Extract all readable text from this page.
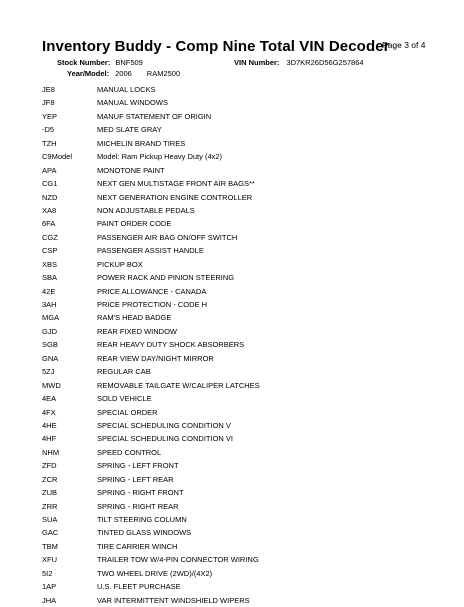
Inventory Buddy - Comp Nine Total VIN Decoder
Page 3 of 4
Stock Number: BNF509	VIN Number: 3D7KR26D56G257864
Year/Model: 2006 RAM2500
JE8	MANUAL LOCKS
JF8	MANUAL WINDOWS
YEP	MANUF STATEMENT OF ORIGIN
-D5	MED SLATE GRAY
TZH	MICHELIN BRAND TIRES
C9Model	Model: Ram Pickup Heavy Duty (4x2)
APA	MONOTONE PAINT
CG1	NEXT GEN MULTISTAGE FRONT AIR BAGS**
NZD	NEXT GENERATION ENGINE CONTROLLER
XA8	NON ADJUSTABLE PEDALS
6FA	PAINT ORDER CODE
CGZ	PASSENGER AIR BAG ON/OFF SWITCH
CSP	PASSENGER ASSIST HANDLE
XBS	PICKUP BOX
SBA	POWER RACK AND PINION STEERING
42E	PRICE ALLOWANCE - CANADA
3AH	PRICE PROTECTION - CODE H
MGA	RAM'S HEAD BADGE
GJD	REAR FIXED WINDOW
SGB	REAR HEAVY DUTY SHOCK ABSORBERS
GNA	REAR VIEW DAY/NIGHT MIRROR
5ZJ	REGULAR CAB
MWD	REMOVABLE TAILGATE W/CALIPER LATCHES
4EA	SOLD VEHICLE
4FX	SPECIAL ORDER
4HE	SPECIAL SCHEDULING CONDITION V
4HF	SPECIAL SCHEDULING CONDITION VI
NHM	SPEED CONTROL
ZFD	SPRING - LEFT FRONT
ZCR	SPRING - LEFT REAR
ZUB	SPRING - RIGHT FRONT
ZRR	SPRING - RIGHT REAR
SUA	TILT STEERING COLUMN
GAC	TINTED GLASS WINDOWS
TBM	TIRE CARRIER WINCH
XFU	TRAILER TOW W/4-PIN CONNECTOR WIRING
5I2	TWO WHEEL DRIVE (2WD)/(4X2)
1AP	U.S. FLEET PURCHASE
JHA	VAR INTERMITTENT WINDSHIELD WIPERS
